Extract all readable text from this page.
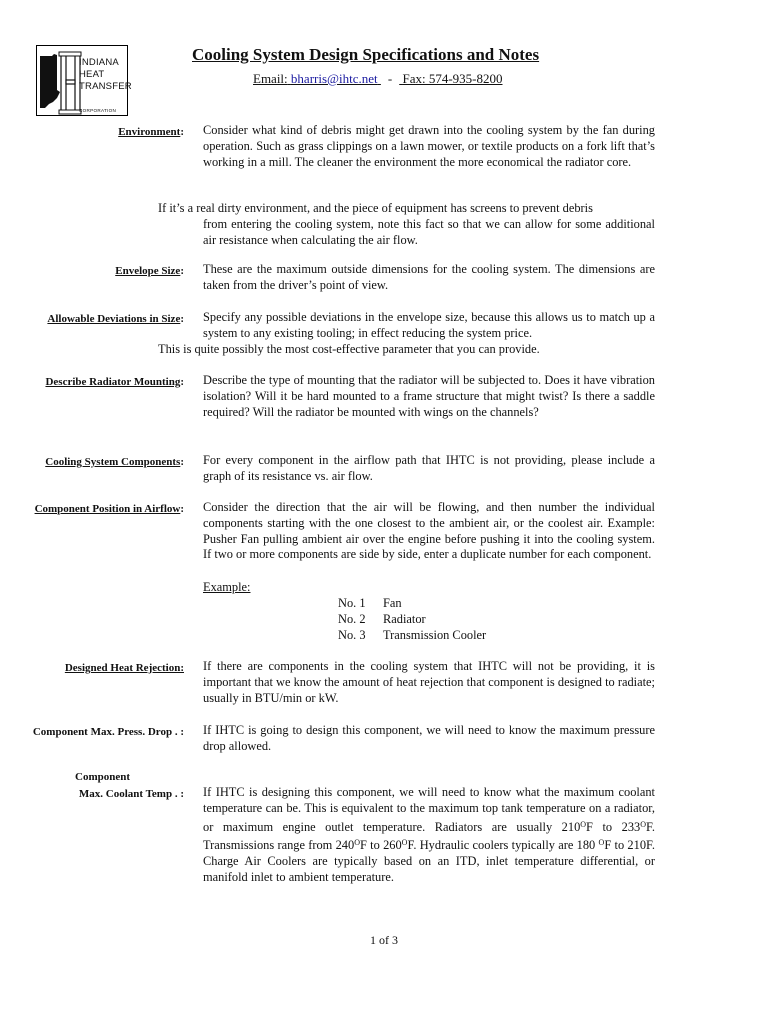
INDIANA
HEAT
TRANSFER
CORPORATION
Cooling System Design Specifications and Notes
Email: bharris@ihtc.net - Fax: 574-935-8200
Environment: Consider what kind of debris might get drawn into the cooling system by the fan during operation. Such as grass clippings on a lawn mower, or textile products on a fork lift that’s working in a mill. The cleaner the environment the more economical the radiator core.
If it’s a real dirty environment, and the piece of equipment has screens to prevent debris
from entering the cooling system, note this fact so that we can allow for some additional air resistance when calculating the air flow.
Envelope Size: These are the maximum outside dimensions for the cooling system. The dimensions are taken from the driver’s point of view.
Allowable Deviations in Size: Specify any possible deviations in the envelope size, because this allows us to match up a system to any existing tooling; in effect reducing the system price.
This is quite possibly the most cost-effective parameter that you can provide.
Describe Radiator Mounting: Describe the type of mounting that the radiator will be subjected to. Does it have vibration isolation? Will it be hard mounted to a frame structure that might twist? Is there a saddle required? Will the radiator be mounted with wings on the channels?
Cooling System Components: For every component in the airflow path that IHTC is not providing, please include a graph of its resistance vs. air flow.
Component Position in Airflow: Consider the direction that the air will be flowing, and then number the individual components starting with the one closest to the ambient air, or the coolest air. Example: Pusher Fan pulling ambient air over the engine before pushing it into the cooling system. If two or more components are side by side, enter a duplicate number for each component.
Example:
No. 1 Fan
No. 2 Radiator
No. 3 Transmission Cooler
Designed Heat Rejection: If there are components in the cooling system that IHTC will not be providing, it is important that we know the amount of heat rejection that component is designed to radiate; usually in BTU/min or kW.
Component Max. Press. Drop . : If IHTC is going to design this component, we will need to know the maximum pressure drop allowed.
Component
Max. Coolant Temp . : If IHTC is designing this component, we will need to know what the maximum coolant temperature can be. This is equivalent to the maximum top tank temperature on a radiator, or maximum engine outlet temperature. Radiators are usually $210^OF$ to $233^OF$. Transmissions range from $240^OF$ to $260^OF$. Hydraulic coolers typically are 180 $^O$F to 210F. Charge Air Coolers are typically based on an ITD, inlet temperature differential, or manifold inlet to ambient temperature.
1 of 3
